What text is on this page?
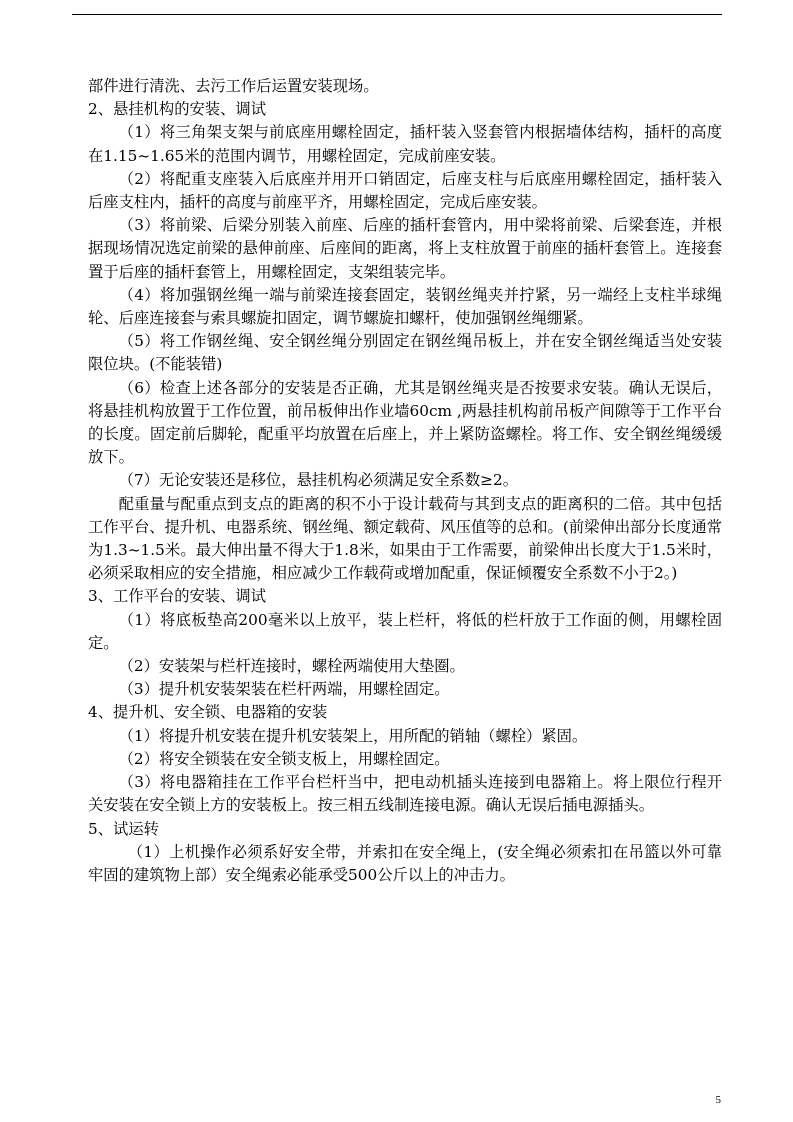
部件进行清洗、去污工作后运置安装现场。

2、悬挂机构的安装、调试

（1）将三角架支架与前底座用螺栓固定，插杆装入竖套管内根据墙体结构，插杆的高度在1.15~1.65米的范围内调节，用螺栓固定，完成前座安装。

（2）将配重支座装入后底座并用开口销固定，后座支柱与后底座用螺栓固定，插杆装入后座支柱内，插杆的高度与前座平齐，用螺栓固定，完成后座安装。

（3）将前梁、后梁分别装入前座、后座的插杆套管内，用中梁将前梁、后梁套连，并根据现场情况选定前梁的悬伸前座、后座间的距离，将上支柱放置于前座的插杆套管上。连接套置于后座的插杆套管上，用螺栓固定，支架组装完毕。

（4）将加强钢丝绳一端与前梁连接套固定，装钢丝绳夹并拧紧，另一端经上支柱半球绳轮、后座连接套与索具螺旋扣固定，调节螺旋扣螺杆，使加强钢丝绳绷紧。

（5）将工作钢丝绳、安全钢丝绳分别固定在钢丝绳吊板上，并在安全钢丝绳适当处安装限位块。(不能装错)

（6）检查上述各部分的安装是否正确，尤其是钢丝绳夹是否按要求安装。确认无误后，将悬挂机构放置于工作位置，前吊板伸出作业墙60cm ,两悬挂机构前吊板产间隙等于工作平台的长度。固定前后脚轮，配重平均放置在后座上，并上紧防盗螺栓。将工作、安全钢丝绳缓缓放下。

（7）无论安装还是移位，悬挂机构必须满足安全系数≥2。

配重量与配重点到支点的距离的积不小于设计载荷与其到支点的距离积的二倍。其中包括工作平台、提升机、电器系统、钢丝绳、额定载荷、风压值等的总和。(前梁伸出部分长度通常为1.3~1.5米。最大伸出量不得大于1.8米，如果由于工作需要，前梁伸出长度大于1.5米时，必须采取相应的安全措施，相应减少工作载荷或增加配重，保证倾覆安全系数不小于2。)

3、工作平台的安装、调试

（1）将底板垫高200毫米以上放平，装上栏杆，将低的栏杆放于工作面的侧，用螺栓固定。

（2）安装架与栏杆连接时，螺栓两端使用大垫圈。

（3）提升机安装架装在栏杆两端，用螺栓固定。

4、提升机、安全锁、电器箱的安装

（1）将提升机安装在提升机安装架上，用所配的销轴（螺栓）紧固。

（2）将安全锁装在安全锁支板上，用螺栓固定。

（3）将电器箱挂在工作平台栏杆当中，把电动机插头连接到电器箱上。将上限位行程开关安装在安全锁上方的安装板上。按三相五线制连接电源。确认无误后插电源插头。

5、试运转

（1）上机操作必须系好安全带，并索扣在安全绳上，(安全绳必须索扣在吊篮以外可靠牢固的建筑物上部）安全绳索必能承受500公斤以上的冲击力。

5
